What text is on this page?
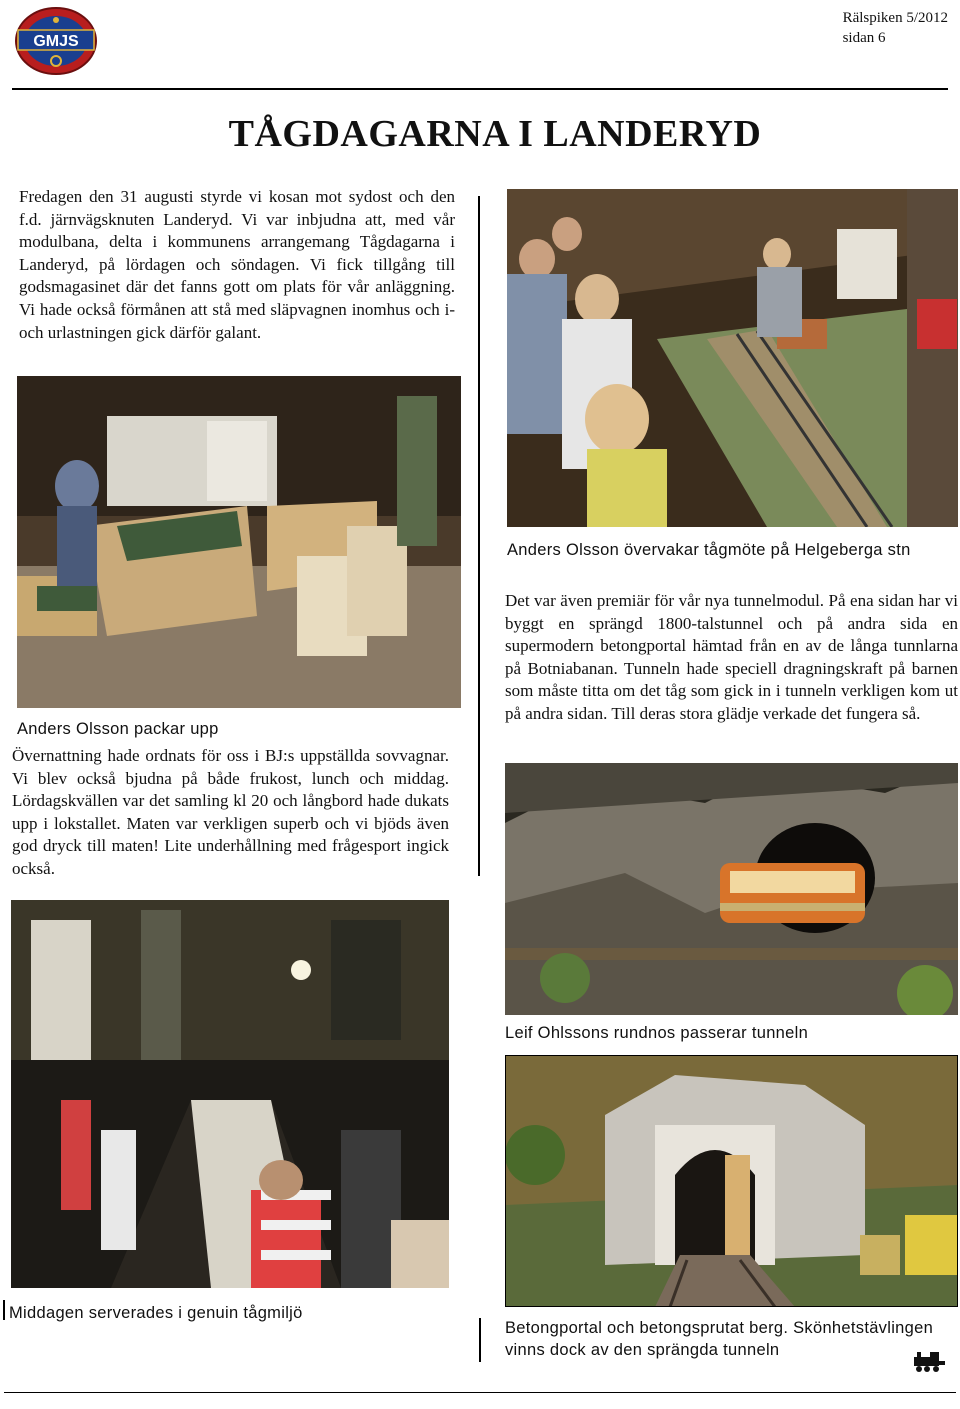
GMJS
Rälspiken 5/2012
sidan 6
TÅGDAGARNA I LANDERYD
Fredagen den 31 augusti styrde vi kosan mot sydost och den f.d. järnvägsknuten Landeryd. Vi var inbjudna att, med vår modulbana, delta i kommunens arrangemang Tågdagarna i Landeryd, på lördagen och söndagen. Vi fick tillgång till godsmagasinet där det fanns gott om plats för vår anläggning. Vi hade också förmånen att stå med släpvagnen inomhus och i- och urlastningen gick därför galant.
Anders Olsson packar upp
Övernattning hade ordnats för oss i BJ:s uppställda sovvagnar. Vi blev också bjudna på både frukost, lunch och middag. Lördagskvällen var det samling kl 20 och långbord hade dukats upp i lokstallet. Maten var verkligen superb och vi bjöds även god dryck till maten! Lite underhållning med frågesport ingick också.
Anders Olsson övervakar tågmöte på Helgeberga stn
Det var även premiär för vår nya tunnelmodul. På ena sidan har vi byggt en sprängd 1800-talstunnel och på andra sida en supermodern betongportal hämtad från en av de långa tunnlarna på Botniabanan. Tunneln hade speciell dragningskraft på barnen som måste titta om det tåg som gick in i tunneln verkligen kom ut på andra sidan. Till deras stora glädje verkade det fungera så.
Leif Ohlssons rundnos passerar tunneln
Betongportal och betongsprutat berg. Skönhetstävlingen
vinns dock av den sprängda tunneln
Middagen serverades i genuin tågmiljö
